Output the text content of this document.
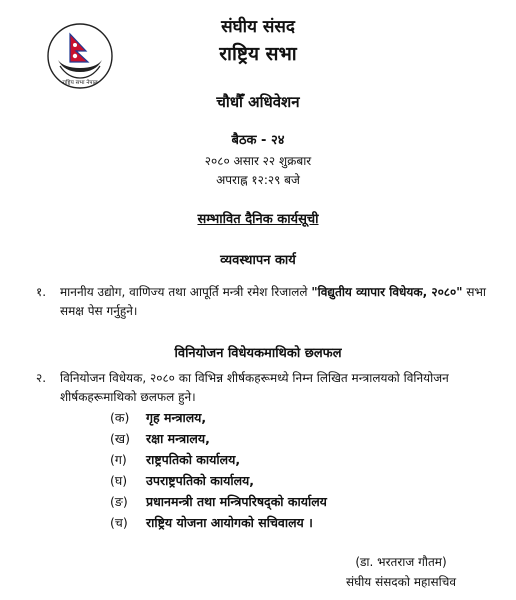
राष्ट्रिय सभा नेपाल
संघीय संसद
राष्ट्रिय सभा
चौधौँ अधिवेशन
बैठक - २४
२०८० असार २२ शुक्रबार
अपराह्न १२:२९ बजे
सम्भावित दैनिक कार्यसूची
व्यवस्थापन कार्य
१. माननीय उद्योग, वाणिज्य तथा आपूर्ति मन्त्री रमेश रिजालले "विद्युतीय व्यापार विधेयक, २०८०" सभा समक्ष पेस गर्नुहुने।
विनियोजन विधेयकमाथिको छलफल
२. विनियोजन विधेयक, २०८० का विभिन्न शीर्षकहरूमध्ये निम्न लिखित मन्त्रालयको विनियोजन शीर्षकहरूमाथिको छलफल हुने।
(क) गृह मन्त्रालय,
(ख) रक्षा मन्त्रालय,
(ग) राष्ट्रपतिको कार्यालय,
(घ) उपराष्ट्रपतिको कार्यालय,
(ङ) प्रधानमन्त्री तथा मन्त्रिपरिषद्को कार्यालय
(च) राष्ट्रिय योजना आयोगको सचिवालय ।
(डा. भरतराज गौतम)
संघीय संसदको महासचिव
